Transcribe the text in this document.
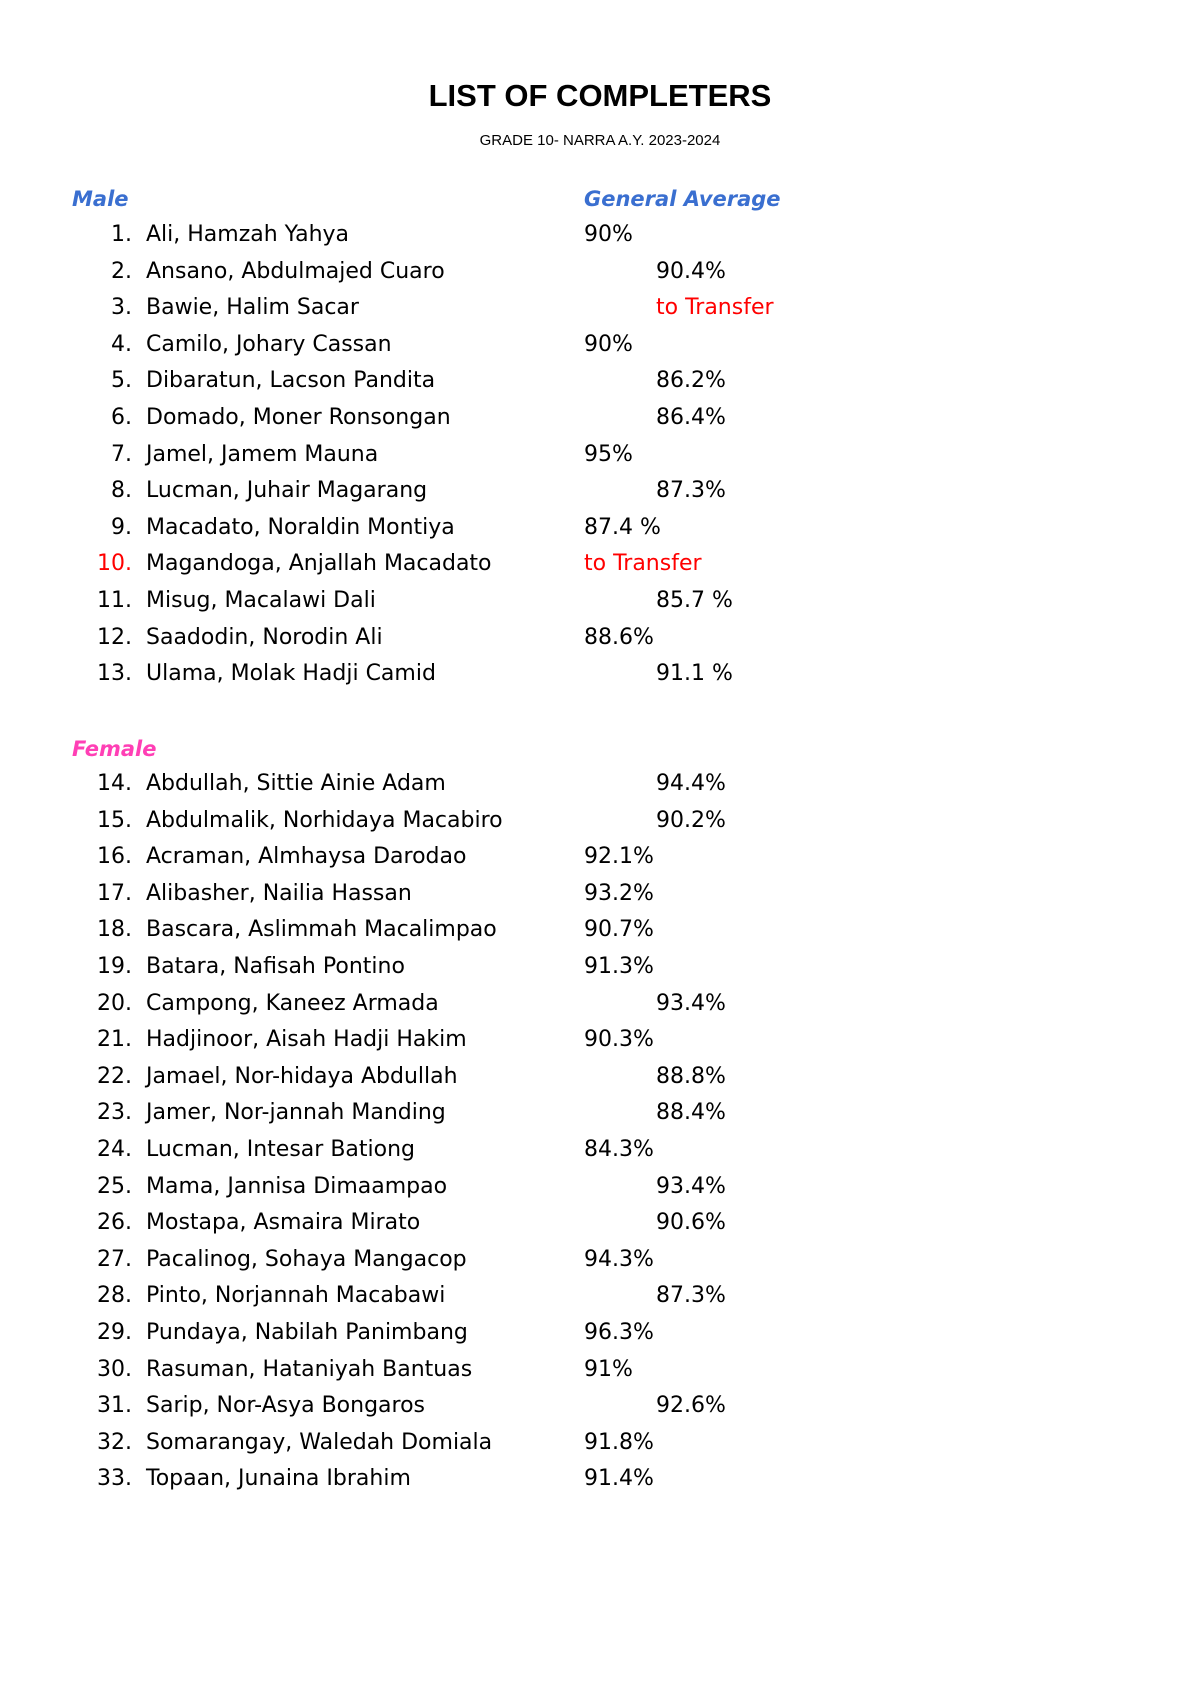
LIST OF COMPLETERS
GRADE 10- NARRA A.Y. 2023-2024
Male	General Average
1. Ali, Hamzah Yahya	90%
2. Ansano, Abdulmajed Cuaro	90.4%
3. Bawie, Halim Sacar	to Transfer
4. Camilo, Johary Cassan	90%
5. Dibaratun, Lacson Pandita	86.2%
6. Domado, Moner Ronsongan	86.4%
7. Jamel, Jamem Mauna	95%
8. Lucman, Juhair Magarang	87.3%
9. Macadato, Noraldin Montiya	87.4 %
10. Magandoga, Anjallah Macadato	to Transfer
11. Misug, Macalawi Dali	85.7 %
12. Saadodin, Norodin Ali	88.6%
13. Ulama, Molak Hadji Camid	91.1 %
Female
14. Abdullah, Sittie Ainie Adam	94.4%
15. Abdulmalik, Norhidaya Macabiro	90.2%
16. Acraman, Almhaysa Darodao	92.1%
17. Alibasher, Nailia Hassan	93.2%
18. Bascara, Aslimmah Macalimpao	90.7%
19. Batara, Nafisah Pontino	91.3%
20. Campong, Kaneez Armada	93.4%
21. Hadjinoor, Aisah Hadji Hakim	90.3%
22. Jamael, Nor-hidaya Abdullah	88.8%
23. Jamer, Nor-jannah Manding	88.4%
24. Lucman, Intesar Bationg	84.3%
25. Mama, Jannisa Dimaampao	93.4%
26. Mostapa, Asmaira Mirato	90.6%
27. Pacalinog, Sohaya Mangacop	94.3%
28. Pinto, Norjannah Macabawi	87.3%
29. Pundaya, Nabilah Panimbang	96.3%
30. Rasuman, Hataniyah Bantuas	91%
31. Sarip, Nor-Asya Bongaros	92.6%
32. Somarangay, Waledah Domiala	91.8%
33. Topaan, Junaina Ibrahim	91.4%
